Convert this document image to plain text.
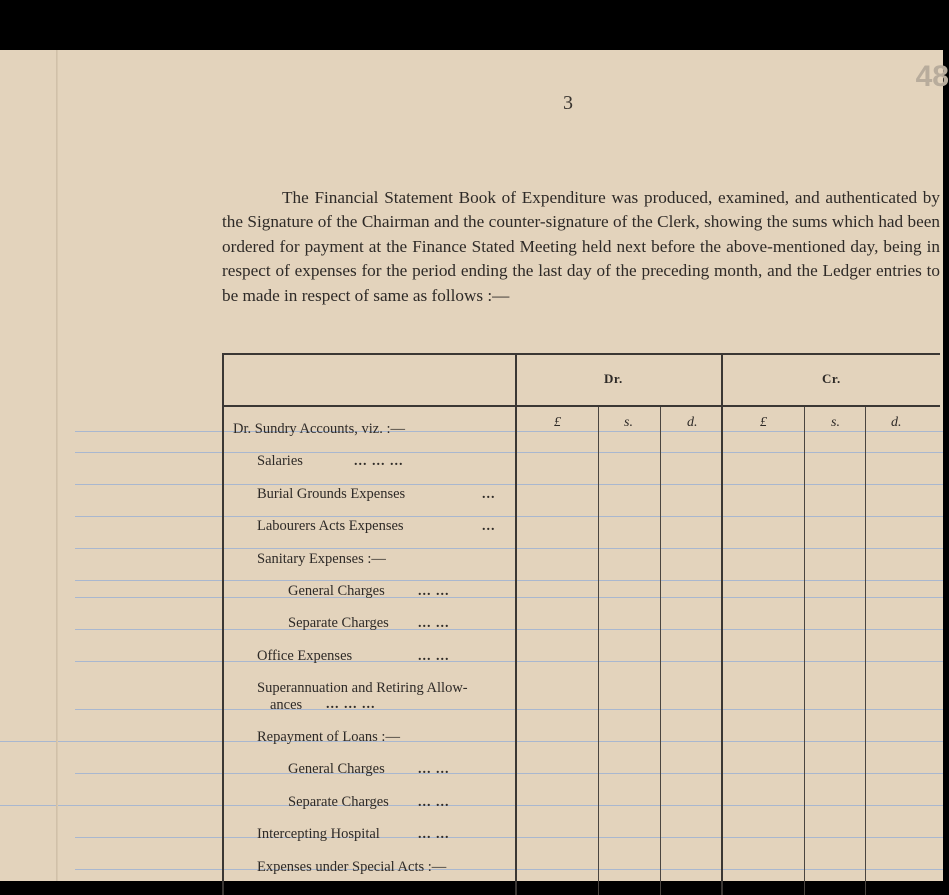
3
48
The Financial Statement Book of Expenditure was produced, examined, and authenticated by the Signature of the Chairman and the counter-signature of the Clerk, showing the sums which had been ordered for payment at the Finance Stated Meeting held next before the above-mentioned day, being in respect of expenses for the period ending the last day of the preceding month, and the Ledger entries to be made in respect of same as follows :—
Dr.	Cr.
£	s.	d.	£	s.	d.
Dr. Sundry Accounts, viz. :—
Salaries	... ... ...
Burial Grounds Expenses	...
Labourers Acts Expenses	...
Sanitary Expenses :—
General Charges ... ...
Separate Charges ... ...
Office Expenses	... ...
Superannuation and Retiring Allow-
ances ... ... ...
Repayment of Loans :—
General Charges ... ...
Separate Charges ... ...
Intercepting Hospital	... ...
Expenses under Special Acts :—
